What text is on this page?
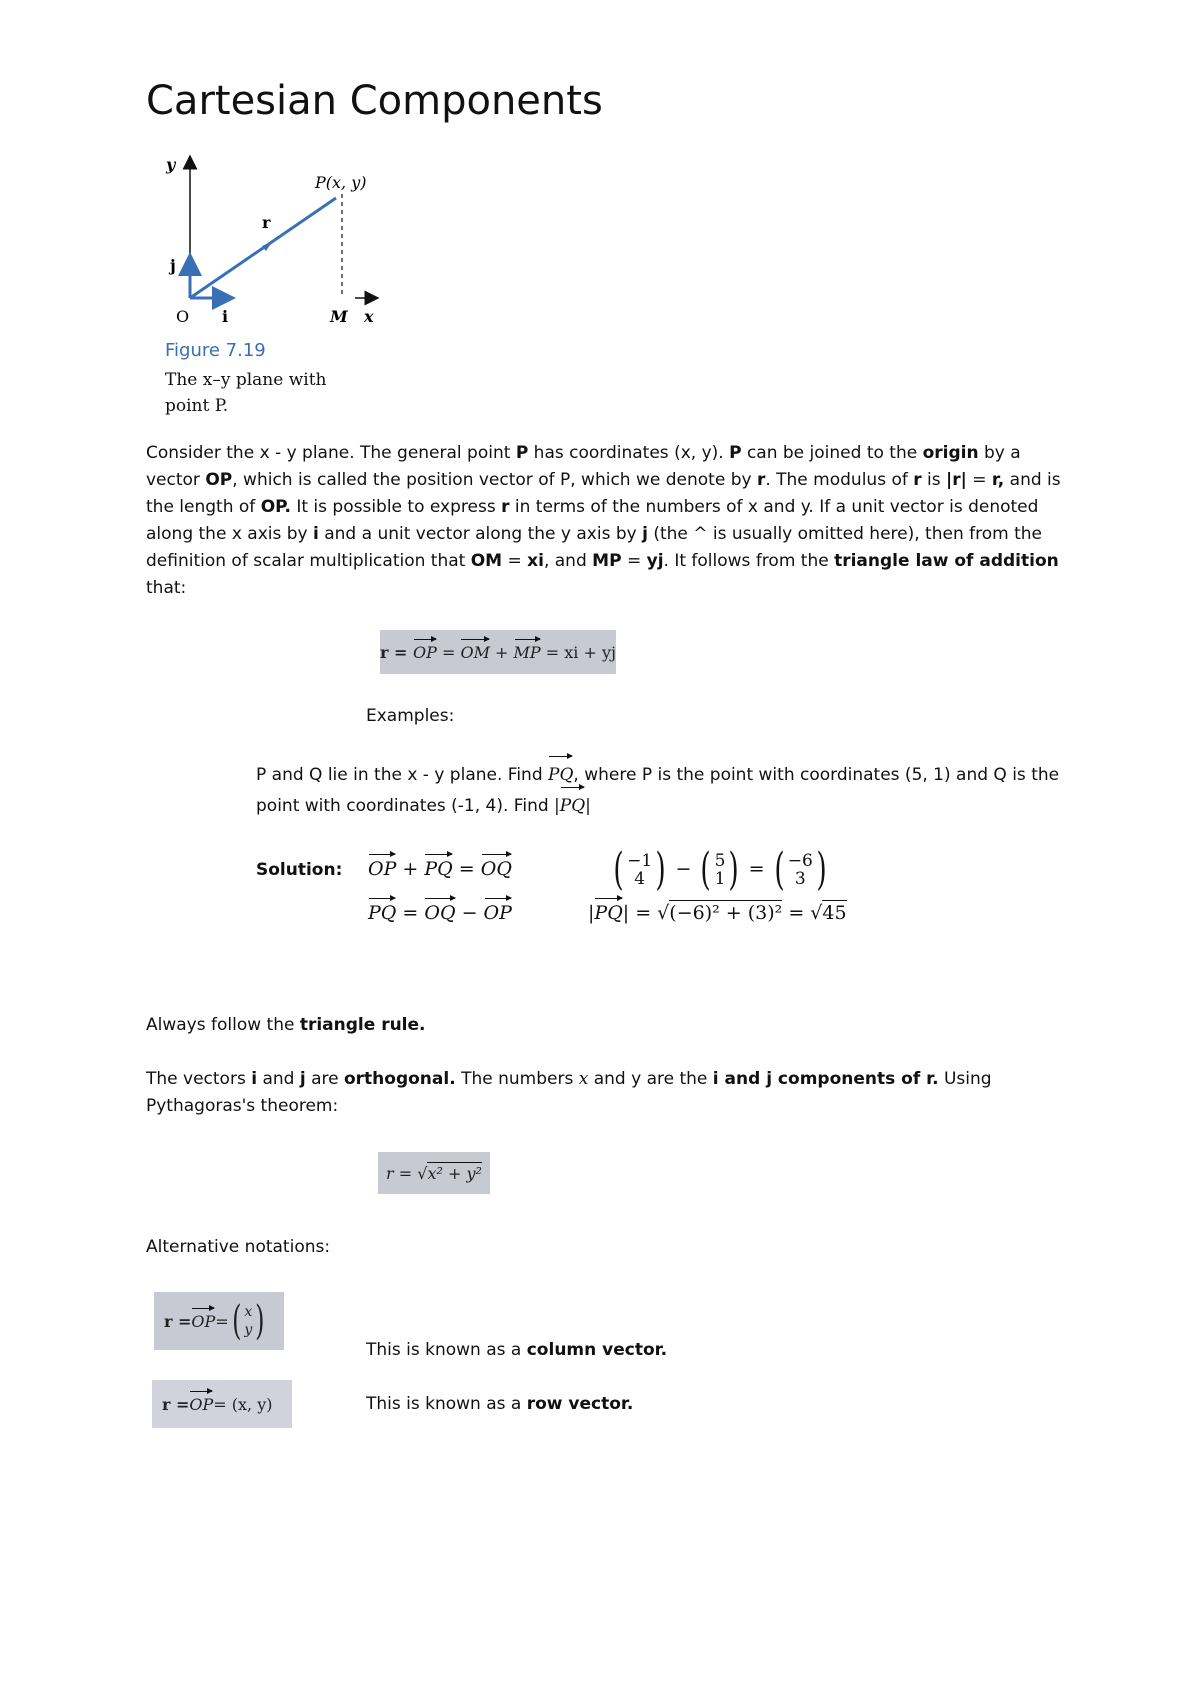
Cartesian Components
y
P(x, y)
r
j
O i	M x
Figure 7.19
The x–y plane with
point P.

Consider the x - y plane. The general point P has coordinates (x, y). P can be joined to the origin by a vector OP, which is called the position vector of P, which we denote by r. The modulus of r is |r| = r, and is the length of OP. It is possible to express r in terms of the numbers of x and y. If a unit vector is denoted along the x axis by i and a unit vector along the y axis by j (the ^ is usually omitted here), then from the definition of scalar multiplication that OM = xi, and MP = yj. It follows from the triangle law of addition that:

r = OP = OM + MP = xi + yj
Examples:
P and Q lie in the x - y plane. Find PQ, where P is the point with coordinates (5, 1) and Q is the point with coordinates (-1, 4). Find |PQ|
Solution: OP + PQ = OQ
PQ = OQ − OP
( −1
4 ) − ( 5
1 ) = ( −6
3 )
|PQ| = √(−6)² + (3)² = √45

Always follow the triangle rule.

The vectors i and j are orthogonal. The numbers x and y are the i and j components of r. Using Pythagoras's theorem:

r = √x² + y²

Alternative notations:

r = OP = ( x
y )
r = OP = (x, y)
This is known as a column vector.
This is known as a row vector.
